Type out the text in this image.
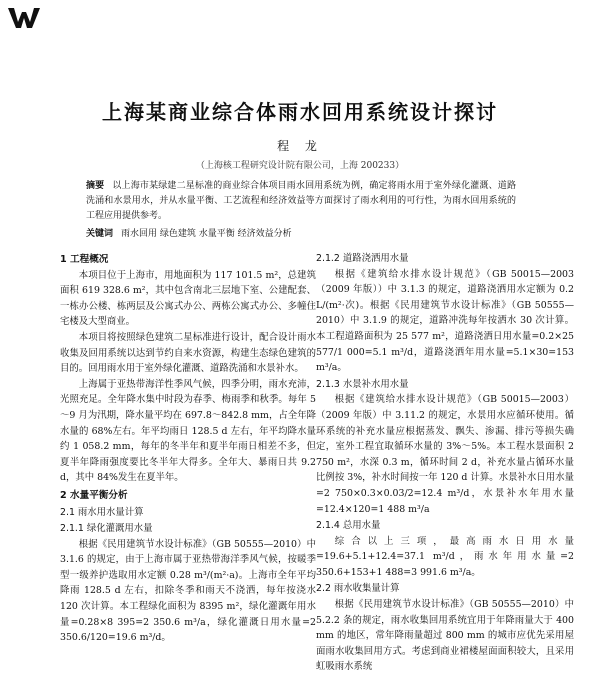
上海某商业综合体雨水回用系统设计探讨
程 龙
（上海核工程研究设计院有限公司，上海 200233）
摘要 以上海市某绿建二星标准的商业综合体项目雨水回用系统为例，确定将雨水用于室外绿化灌溉、道路洗涌和水景用水，并从水量平衡、工艺流程和经济效益等方面探讨了雨水利用的可行性，为雨水回用系统的工程应用提供参考。
关键词 雨水回用 绿色建筑 水量平衡 经济效益分析
1 工程概况

本项目位于上海市，用地面积为 117 101.5 m²，总建筑面积 619 328.6 m²，其中包含南北三层地下室、公建配套、一栋办公楼、栋两层及公寓式办公、两栋公寓式办公、多幢住宅楼及大型商业。

本项目将按照绿色建筑二星标准进行设计，配合设计雨水收集及回用系统以达到节约自来水资源，构建生态绿色建筑的目的。回用雨水用于室外绿化灌溉、道路洗涌和水景补水。

上海属于亚热带海洋性季风气候，四季分明，雨水充沛，光照充足。全年降水集中时段为春季、梅雨季和秋季。每年 5～9 月为汛期，降水量平均在 697.8～842.8 mm，占全年降水量的 68%左右。年平均雨日 128.5 d 左右，年平均降水量约 1 058.2 mm，每年的冬半年和夏半年雨日相差不多，但夏半年降雨强度要比冬半年大得多。全年大、暴雨日共 9.2 d，其中 84%发生在夏半年。

2 水量平衡分析
2.1 雨水用水量计算
2.1.1 绿化灌溉用水量

根据《民用建筑节水设计标准》（GB 50555—2010）中 3.1.6 的规定，由于上海市属于亚热带海洋季风气候，按暖季型一级养护选取用水定额 0.28 m³/(m²·a)。上海市全年平均降雨 128.5 d 左右，扣除冬季和雨天不浇洒，每年按浇水 120 次计算。本工程绿化面积为 8395 m²，绿化灌溉年用水量=0.28×8 395=2 350.6 m³/a，绿化灌溉日用水量=2 350.6/120=19.6 m³/d。

2.1.2 道路浇洒用水量

根据《建筑给水排水设计规范》（GB 50015—2003（2009 年版））中 3.1.3 的规定，道路浇洒用水定额为 0.2 L/(m²·次)。根据《民用建筑节水设计标准》（GB 50555—2010）中 3.1.9 的规定，道路冲洗每年按洒水 30 次计算。本工程道路面积为 25 577 m²，道路浇洒日用水量=0.2×25 577/1 000=5.1 m³/d，道路浇洒年用水量=5.1×30=153 m³/a。

2.1.3 水景补水用水量

根据《建筑给水排水设计规范》（GB 50015—2003）（2009 年版）中 3.11.2 的规定，水景用水应循环使用。循环系统的补充水量应根据蒸发、飘失、渗漏、排污等损失确定，室外工程宜取循环水量的 3%～5%。本工程水景面积 2 750 m²，水深 0.3 m，循环时间 2 d，补充水量占循环水量比例按 3%，补水时间按一年 120 d 计算。水景补水日用水量=2 750×0.3×0.03/2=12.4 m³/d，水景补水年用水量=12.4×120=1 488 m³/a

2.1.4 总用水量

综合以上三项，最高雨水日用水量=19.6+5.1+12.4=37.1 m³/d，雨水年用水量=2 350.6+153+1 488=3 991.6 m³/a。

2.2 雨水收集量计算

根据《民用建筑节水设计标准》（GB 50555—2010）中 5.2.2 条的规定，雨水收集回用系统宜用于年降雨量大于 400 mm 的地区，常年降雨量超过 800 mm 的城市应优先采用屋面雨水收集回用方式。考虑到商业裙楼屋面面积较大，且采用虹吸雨水系统
